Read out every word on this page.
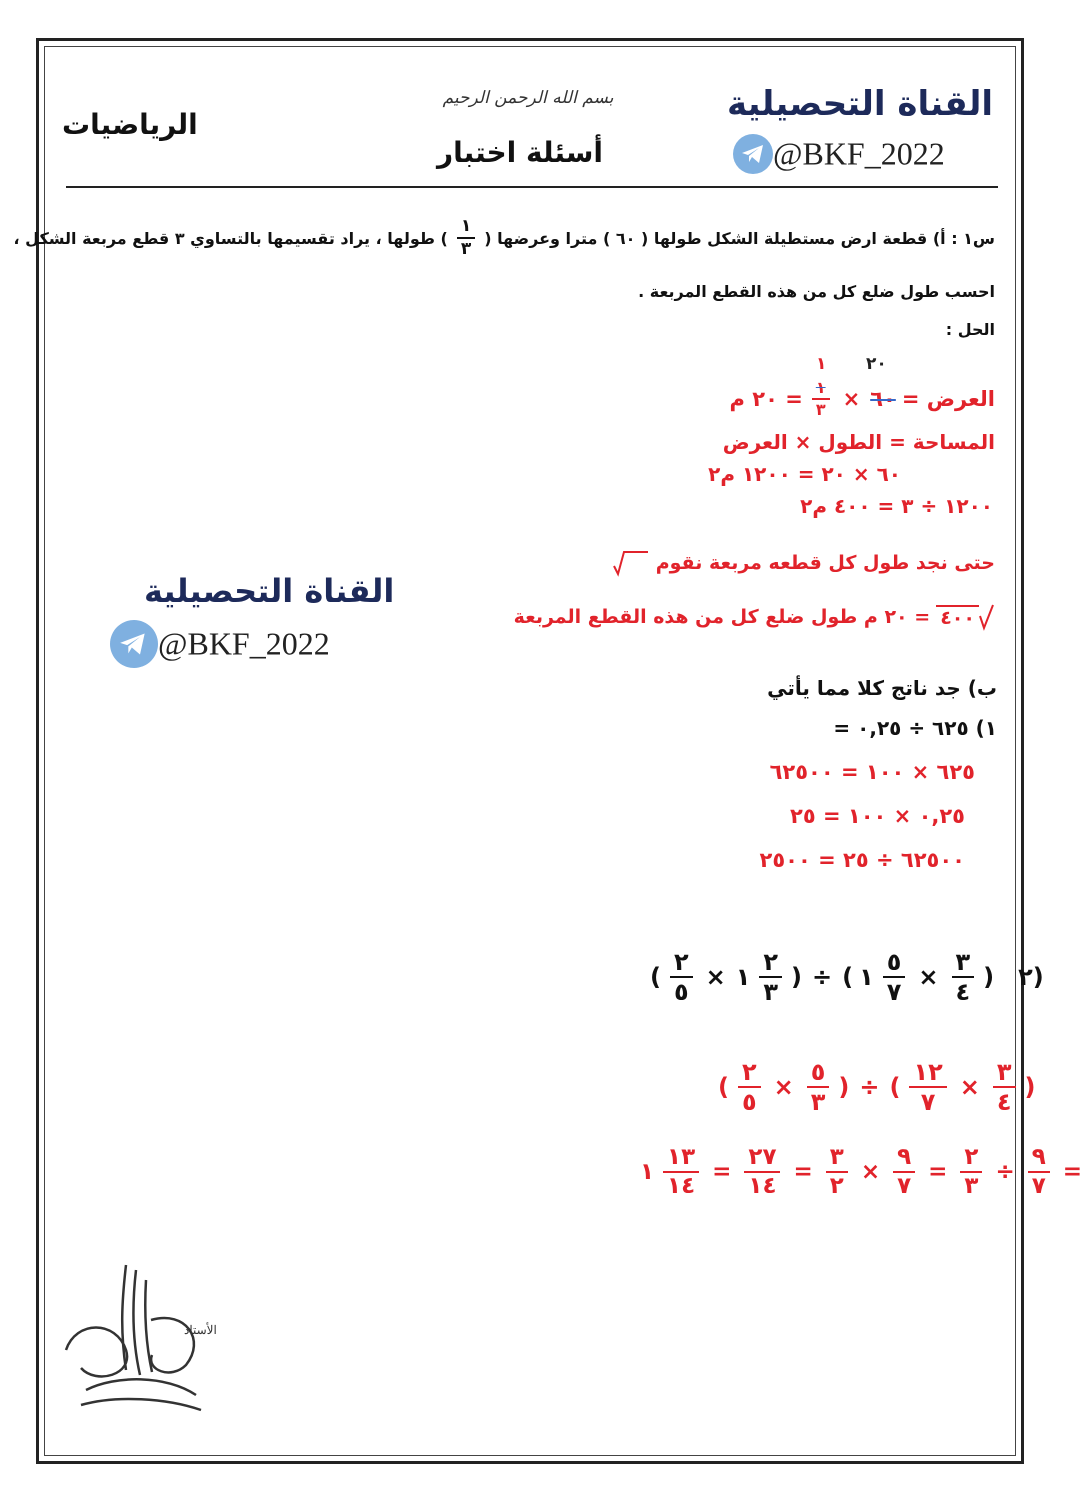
القناة التحصيلية
@BKF_2022
بسم الله الرحمن الرحيم
أسئلة اختبار
الرياضيات
س١ : أ) قطعة ارض مستطيلة الشكل طولها ( ٦٠ ) مترا وعرضها (
$\frac{١}{٣}$
) طولها ، يراد تقسيمها بالتساوي ٣ قطع مربعة الشكل ،
احسب طول ضلع كل من هذه القطع المربعة .
الحل :
١ ٢٠
العرض =
٦٠
×
$\frac{١}{٣}$
= ٢٠ م
المساحة = الطول × العرض
٦٠ × ٢٠ = ١٢٠٠ م٢
١٢٠٠ ÷ ٣ = ٤٠٠ م٢
حتى نجد طول كل قطعه مربعة نقوم
٤٠٠
= ٢٠ م طول ضلع كل من هذه القطع المربعة
القناة التحصيلية
@BKF_2022
ب) جد ناتج كلا مما يأتي
١) ٦٢٥ ÷ ٠,٢٥ =
٦٢٥ × ١٠٠ = ٦٢٥٠٠
٠,٢٥ × ١٠٠ = ٢٥
٦٢٥٠٠ ÷ ٢٥ = ٢٥٠٠
( $\frac{٢}{٥}$ × ١ $\frac{٢}{٣}$ ) ÷ ( ١ $\frac{٥}{٧} \times \frac{٣}{٤}$ ) ٢)
( $\frac{٢}{٥} \times \frac{٥}{٣}$ ) ÷ ( $\frac{١٢}{٧} \times \frac{٣}{٤}$ )
١ $\frac{١٣}{١٤} = \frac{٢٧}{١٤} = \frac{٣}{٢} \times \frac{٩}{٧} = \frac{٢}{٣} \div \frac{٩}{٧}$ =
الأستاذ
